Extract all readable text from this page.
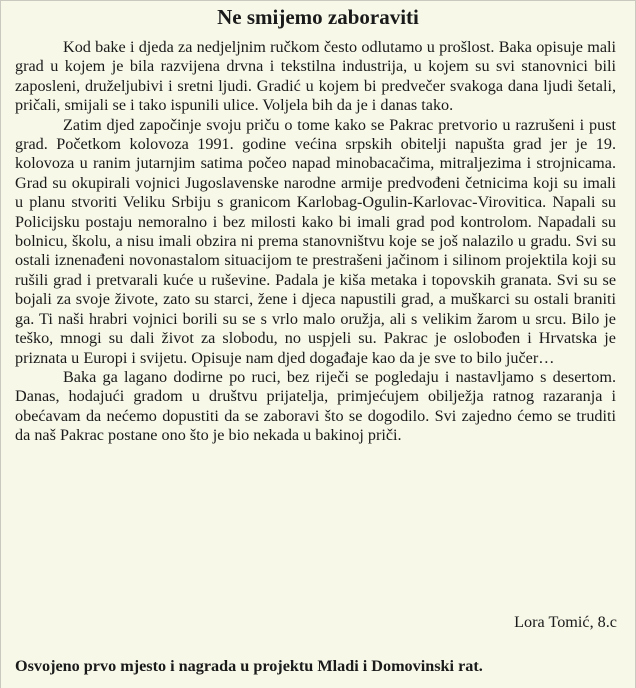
Ne smijemo zaboraviti

Kod bake i djeda za nedjeljnim ručkom često odlutamo u prošlost. Baka opisuje mali grad u kojem je bila razvijena drvna i tekstilna industrija, u kojem su svi stanovnici bili zaposleni, druželjubivi i sretni ljudi. Gradić u kojem bi predvečer svakoga dana ljudi šetali, pričali, smijali se i tako ispunili ulice. Voljela bih da je i danas tako.

Zatim djed započinje svoju priču o tome kako se Pakrac pretvorio u razrušeni i pust grad. Početkom kolovoza 1991. godine većina srpskih obitelji napušta grad jer je 19. kolovoza u ranim jutarnjim satima počeo napad minobacačima, mitraljezima i strojnicama. Grad su okupirali vojnici Jugoslavenske narodne armije predvođeni četnicima koji su imali u planu stvoriti Veliku Srbiju s granicom Karlobag-Ogulin-Karlovac-Virovitica. Napali su Policijsku postaju nemoralno i bez milosti kako bi imali grad pod kontrolom. Napadali su bolnicu, školu, a nisu imali obzira ni prema stanovništvu koje se još nalazilo u gradu. Svi su ostali iznenađeni novonastalom situacijom te prestrašeni jačinom i silinom projektila koji su rušili grad i pretvarali kuće u ruševine. Padala je kiša metaka i topovskih granata. Svi su se bojali za svoje živote, zato su starci, žene i djeca napustili grad, a muškarci su ostali braniti ga. Ti naši hrabri vojnici borili su se s vrlo malo oružja, ali s velikim žarom u srcu. Bilo je teško, mnogi su dali život za slobodu, no uspjeli su. Pakrac je oslobođen i Hrvatska je priznata u Europi i svijetu. Opisuje nam djed događaje kao da je sve to bilo jučer…

Baka ga lagano dodirne po ruci, bez riječi se pogledaju i nastavljamo s desertom. Danas, hodajući gradom u društvu prijatelja, primjećujem obilježja ratnog razaranja i obećavam da nećemo dopustiti da se zaboravi što se dogodilo. Svi zajedno ćemo se truditi da naš Pakrac postane ono što je bio nekada u bakinoj priči.

Lora Tomić, 8.c
Osvojeno prvo mjesto i nagrada u projektu Mladi i Domovinski rat.
